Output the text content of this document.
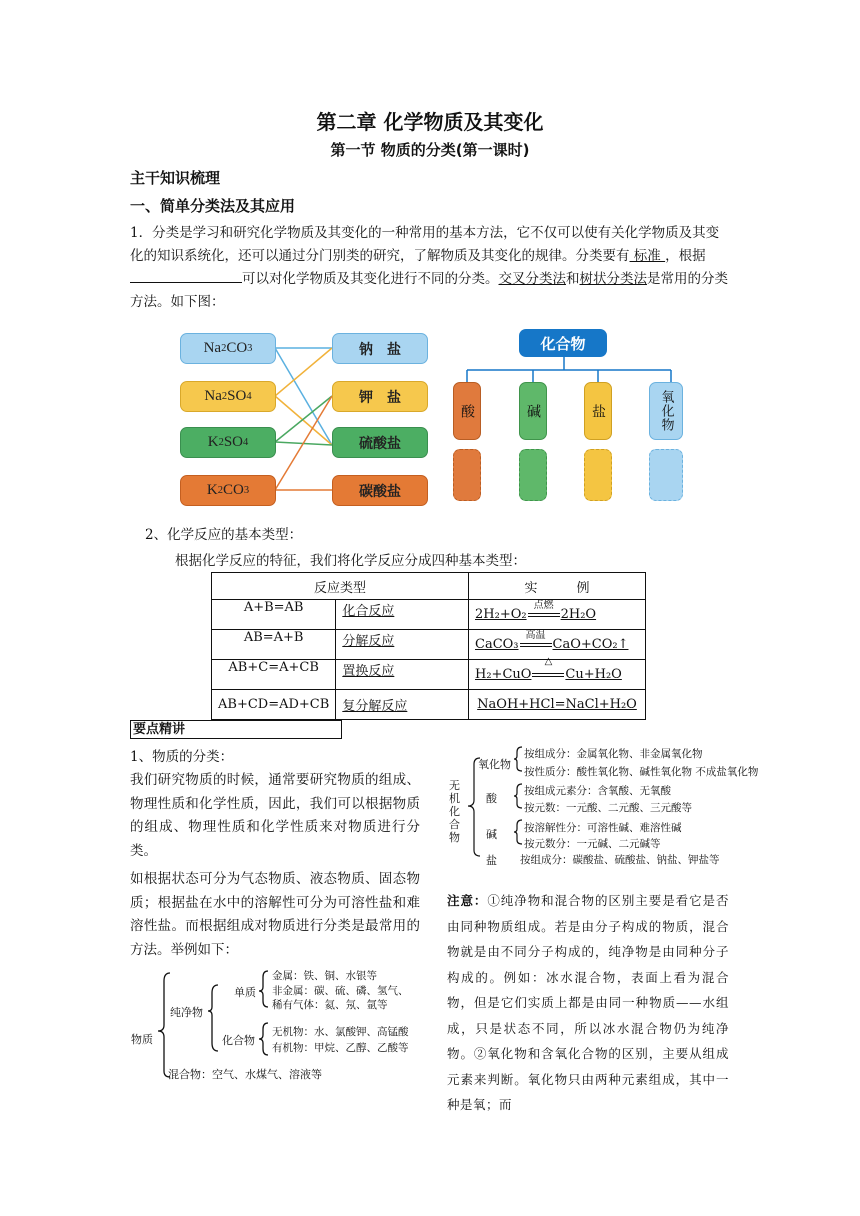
第二章 化学物质及其变化
第一节 物质的分类(第一课时)
主干知识梳理
一、简单分类法及其应用
1．分类是学习和研究化学物质及其变化的一种常用的基本方法，它不仅可以使有关化学物质及其变化的知识系统化，还可以通过分门别类的研究，了解物质及其变化的规律。分类要有 标准 ，根据可以对化学物质及其变化进行不同的分类。交叉分类法和树状分类法是常用的分类方法。如下图：
Na 2 CO 3
Na 2 SO 4
K 2 SO 4
K 2 CO 3
钠　盐
钾　盐
硫酸盐
碳酸盐
化合物
酸	碱	盐	氧化物
2、化学反应的基本类型：
根据化学反应的特征，我们将化学反应分成四种基本类型：
反应类型		实　　　例
A+B=AB	化合反应	2H₂+O₂
点燃
2H₂O
AB=A+B	分解反应	CaCO₃
高温
CaO+CO₂↑
AB+C=A+CB	置换反应	H₂+CuO
△
Cu+H₂O
AB+CD=AD+CB	复分解反应	NaOH+HCl=NaCl+H₂O
要点精讲
1、物质的分类：
我们研究物质的时候，通常要研究物质的组成、物理性质和化学性质，因此，我们可以根据物质的组成、物理性质和化学性质来对物质进行分类。
如根据状态可分为气态物质、液态物质、固态物质；根据盐在水中的溶解性可分为可溶性盐和难溶性盐。而根据组成对物质进行分类是最常用的方法。举例如下：
物质
纯净物
混合物：空气、水煤气、溶液等
单质
化合物
金属：铁、铜、水银等
非金属：碳、硫、磷、氢气、
稀有气体：氦、氖、氩等
无机物：水、氯酸钾、高锰酸
有机物：甲烷、乙醇、乙酸等
无
机
化
合
物
氧化物
酸
碱
盐
按组成分：金属氧化物、非金属氧化物
按性质分：酸性氧化物、碱性氧化物 不成盐氧化物
按组成元素分：含氧酸、无氧酸
按元数：一元酸、二元酸、三元酸等
按溶解性分：可溶性碱、难溶性碱
按元数分：一元碱、二元碱等
按组成分：碳酸盐、硫酸盐、钠盐、钾盐等
注意：①纯净物和混合物的区别主要是看它是否由同种物质组成。若是由分子构成的物质，混合物就是由不同分子构成的，纯净物是由同种分子构成的。例如：冰水混合物，表面上看为混合物，但是它们实质上都是由同一种物质——水组成，只是状态不同，所以冰水混合物仍为纯净物。②氧化物和含氧化合物的区别，主要从组成元素来判断。氧化物只由两种元素组成，其中一种是氧；而
